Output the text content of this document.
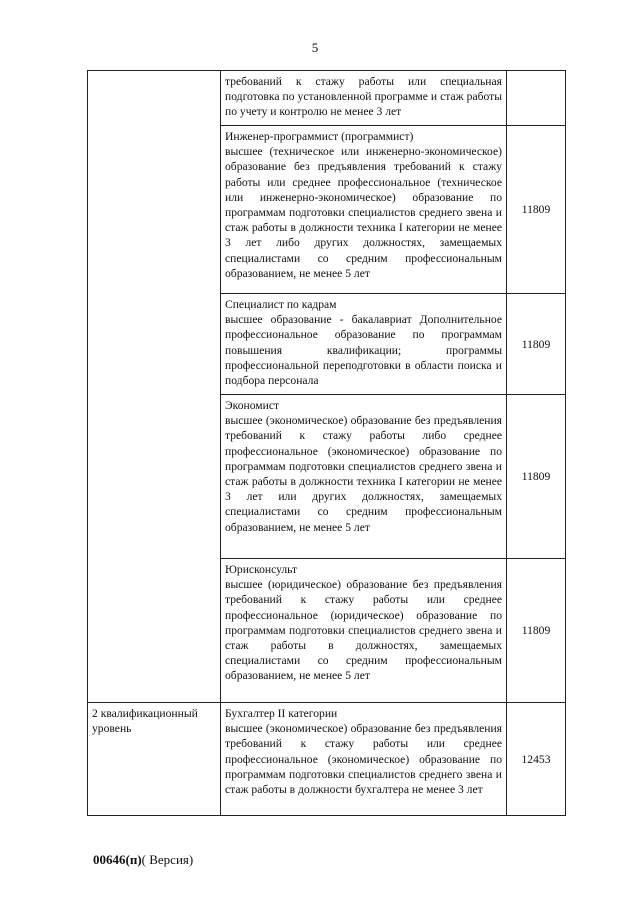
5

	требований к стажу работы или специальная подготовка по установленной программе и стаж работы по учету и контролю не менее 3 лет	

	Инженер-программист (программист)
высшее (техническое или инженерно-экономическое) образование без предъявления требований к стажу работы или среднее профессиональное (техническое или инженерно-экономическое) образование по программам подготовки специалистов среднего звена и стаж работы в должности техника I категории не менее 3 лет либо других должностях, замещаемых специалистами со средним профессиональным образованием, не менее 5 лет	11809

	Специалист по кадрам
высшее образование - бакалавриат Дополнительное профессиональное образование по программам повышения квалификации; программы профессиональной переподготовки в области поиска и подбора персонала	11809

	Экономист
высшее (экономическое) образование без предъявления требований к стажу работы либо среднее профессиональное (экономическое) образование по программам подготовки специалистов среднего звена и стаж работы в должности техника I категории не менее 3 лет или других должностях, замещаемых специалистами со средним профессиональным образованием, не менее 5 лет	11809

	Юрисконсульт
высшее (юридическое) образование без предъявления требований к стажу работы или среднее профессиональное (юридическое) образование по программам подготовки специалистов среднего звена и стаж работы в должностях, замещаемых специалистами со средним профессиональным образованием, не менее 5 лет	11809
2 квалификационный уровень	Бухгалтер II категории
высшее (экономическое) образование без предъявления требований к стажу работы или среднее профессиональное (экономическое) образование по программам подготовки специалистов среднего звена и стаж работы в должности бухгалтера не менее 3 лет	12453
00646(п)( Версия)
